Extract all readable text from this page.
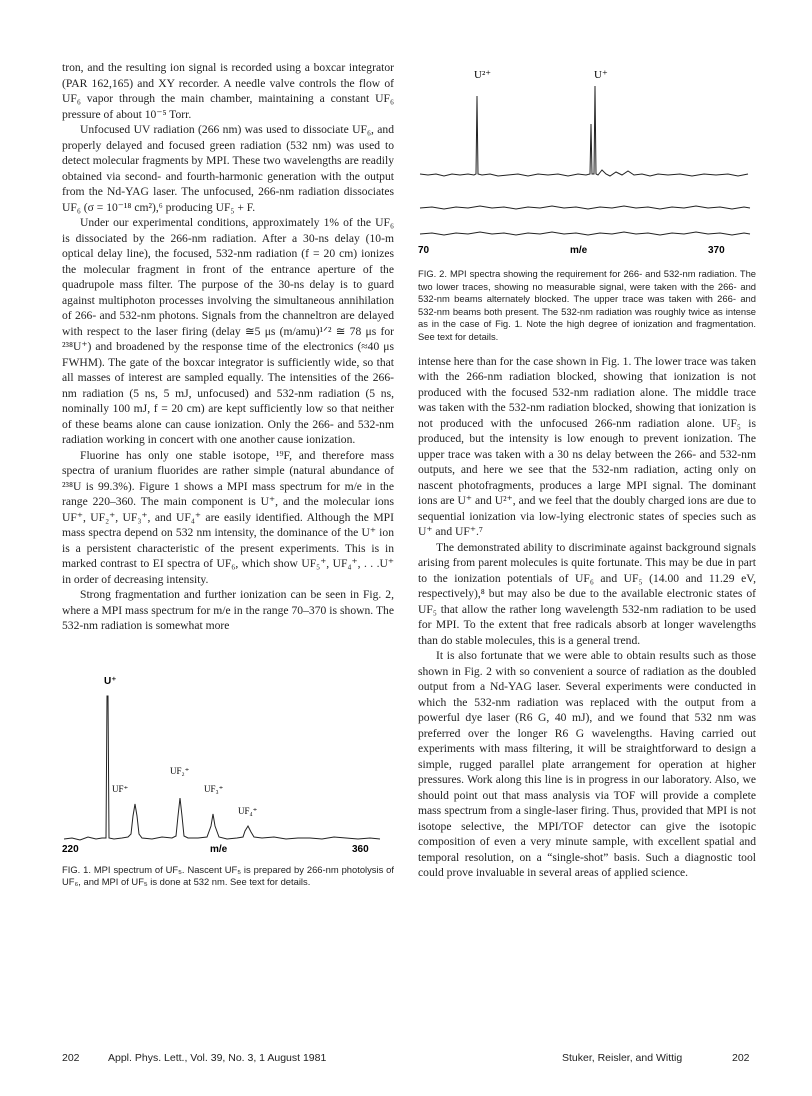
tron, and the resulting ion signal is recorded using a boxcar integrator (PAR 162,165) and XY recorder. A needle valve controls the flow of UF₆ vapor through the main chamber, maintaining a constant UF₆ pressure of about 10⁻⁵ Torr.

Unfocused UV radiation (266 nm) was used to dissociate UF₆, and properly delayed and focused green radiation (532 nm) was used to detect molecular fragments by MPI. These two wavelengths are readily obtained via second- and fourth-harmonic generation with the output from the Nd-YAG laser. The unfocused, 266-nm radiation dissociates UF₆ (σ = 10⁻¹⁸ cm²),⁶ producing UF₅ + F.

Under our experimental conditions, approximately 1% of the UF₆ is dissociated by the 266-nm radiation. After a 30-ns delay (10-m optical delay line), the focused, 532-nm radiation (f = 20 cm) ionizes the molecular fragment in front of the entrance aperture of the quadrupole mass filter. The purpose of the 30-ns delay is to guard against multiphoton processes involving the simultaneous annihilation of 266- and 532-nm photons. Signals from the channeltron are delayed with respect to the laser firing (delay ≅5 μs (m/amu)¹ᐟ² ≅ 78 μs for ²³⁸U⁺) and broadened by the response time of the electronics (≈40 μs FWHM). The gate of the boxcar integrator is sufficiently wide, so that all masses of interest are sampled equally. The intensities of the 266-nm radiation (5 ns, 5 mJ, unfocused) and 532-nm radiation (5 ns, nominally 100 mJ, f = 20 cm) are kept sufficiently low so that neither of these beams alone can cause ionization. Only the 266- and 532-nm radiation working in concert with one another cause ionization.

Fluorine has only one stable isotope, ¹⁹F, and therefore mass spectra of uranium fluorides are rather simple (natural abundance of ²³⁸U is 99.3%). Figure 1 shows a MPI mass spectrum for m/e in the range 220–360. The main component is U⁺, and the molecular ions UF⁺, UF₂⁺, UF₃⁺, and UF₄⁺ are easily identified. Although the MPI mass spectra depend on 532 nm intensity, the dominance of the U⁺ ion is a persistent characteristic of the present experiments. This is in marked contrast to EI spectra of UF₆, which show UF₅⁺, UF₄⁺, . . .U⁺ in order of decreasing intensity.

Strong fragmentation and further ionization can be seen in Fig. 2, where a MPI mass spectrum for m/e in the range 70–370 is shown. The 532-nm radiation is somewhat more

U⁺
UF⁺
UF₂⁺
UF₃⁺
UF₄⁺
220	m/e	360

FIG. 1. MPI spectrum of UF₅. Nascent UF₅ is prepared by 266-nm photolysis of UF₆, and MPI of UF₅ is done at 532 nm. See text for details.

U²⁺	U⁺
70	m/e	370

FIG. 2. MPI spectra showing the requirement for 266- and 532-nm radiation. The two lower traces, showing no measurable signal, were taken with the 266- and 532-nm beams alternately blocked. The upper trace was taken with 266- and 532-nm beams both present. The 532-nm radiation was roughly twice as intense as in the case of Fig. 1. Note the high degree of ionization and fragmentation. See text for details.

intense here than for the case shown in Fig. 1. The lower trace was taken with the 266-nm radiation blocked, showing that ionization is not produced with the focused 532-nm radiation alone. The middle trace was taken with the 532-nm radiation blocked, showing that ionization is not produced with the unfocused 266-nm radiation alone. UF₅ is produced, but the intensity is low enough to prevent ionization. The upper trace was taken with a 30 ns delay between the 266- and 532-nm outputs, and here we see that the 532-nm radiation, acting only on nascent photofragments, produces a large MPI signal. The dominant ions are U⁺ and U²⁺, and we feel that the doubly charged ions are due to sequential ionization via low-lying electronic states of species such as U⁺ and UF⁺.⁷

The demonstrated ability to discriminate against background signals arising from parent molecules is quite fortunate. This may be due in part to the ionization potentials of UF₆ and UF₅ (14.00 and 11.29 eV, respectively),⁸ but may also be due to the available electronic states of UF₅ that allow the rather long wavelength 532-nm radiation to be used for MPI. To the extent that free radicals absorb at longer wavelengths than do stable molecules, this is a general trend.

It is also fortunate that we were able to obtain results such as those shown in Fig. 2 with so convenient a source of radiation as the doubled output from a Nd-YAG laser. Several experiments were conducted in which the 532-nm radiation was replaced with the output from a powerful dye laser (R6 G, 40 mJ), and we found that 532 nm was preferred over the longer R6 G wavelengths. Having carried out experiments with mass filtering, it will be straightforward to design a simple, rugged parallel plate arrangement for operation at higher pressures. Work along this line is in progress in our laboratory. Also, we should point out that mass analysis via TOF will provide a complete mass spectrum from a single-laser firing. Thus, provided that MPI is not isotope selective, the MPI/TOF detector can give the isotopic composition of even a very minute sample, with excellent spatial and temporal resolution, on a “single-shot” basis. Such a diagnostic tool could prove invaluable in several areas of applied science.

202	Appl. Phys. Lett., Vol. 39, No. 3, 1 August 1981	Stuker, Reisler, and Wittig	202
